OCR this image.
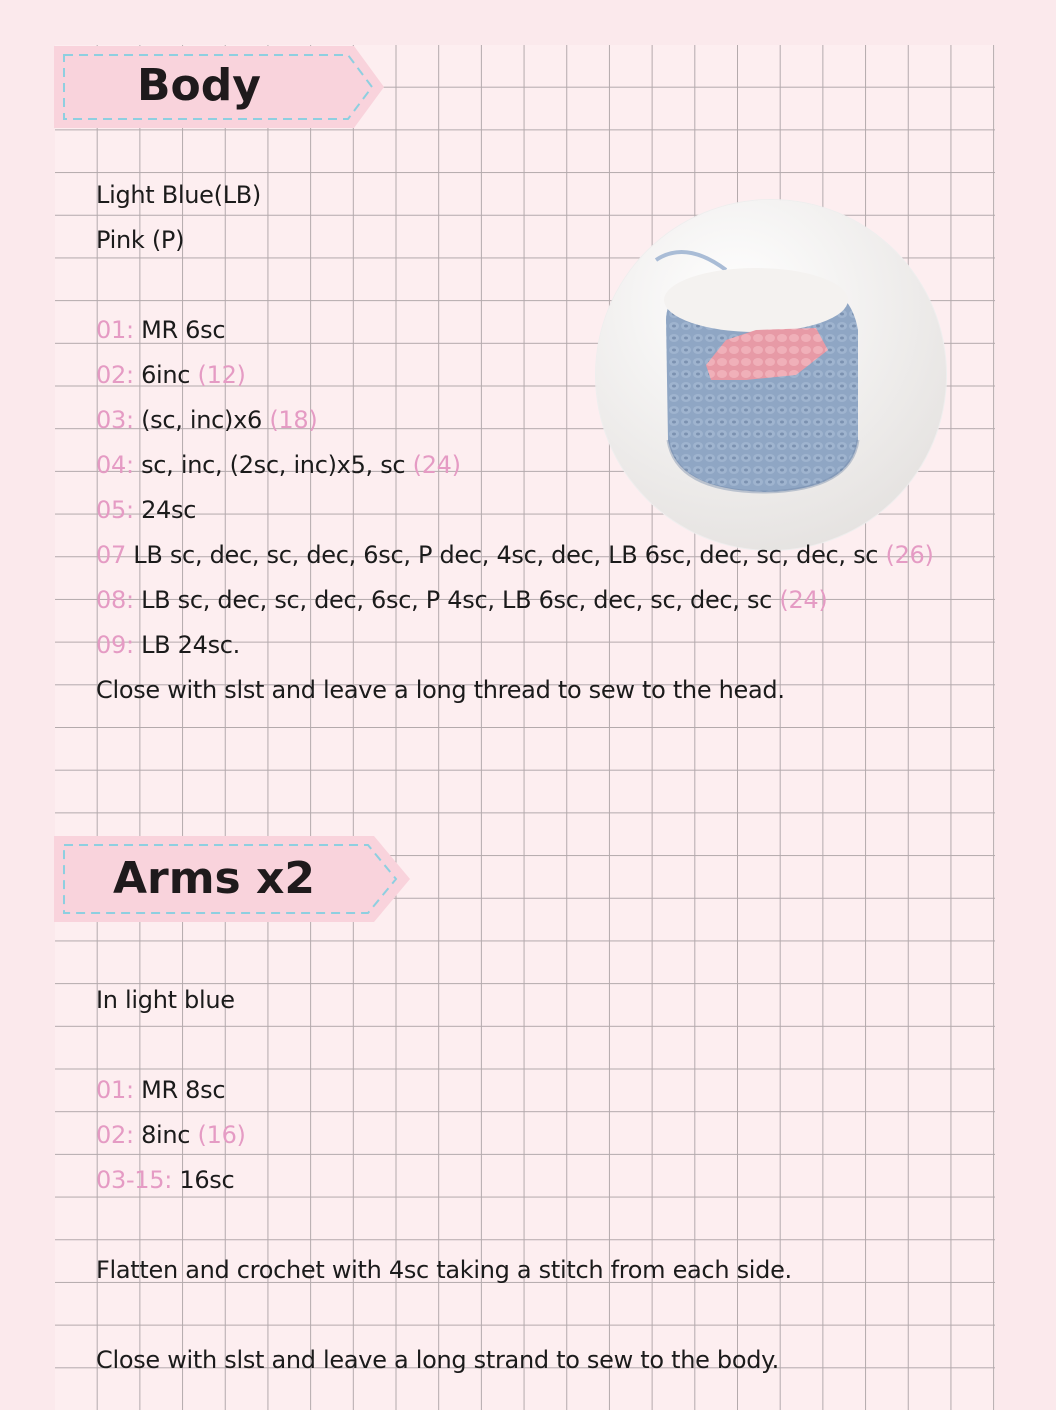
Body
Light Blue(LB)
Pink (P)
01: MR 6sc
02: 6inc (12)
03: (sc, inc)x6 (18)
04: sc, inc, (2sc, inc)x5, sc (24)
05: 24sc
07 LB sc, dec, sc, dec, 6sc, P dec, 4sc, dec, LB 6sc, dec, sc, dec, sc (26)
08: LB sc, dec, sc, dec, 6sc, P 4sc, LB 6sc, dec, sc, dec, sc (24)
09: LB 24sc.
Close with slst and leave a long thread to sew to the head.
Arms x2
In light blue
01: MR 8sc
02: 8inc (16)
03-15: 16sc
Flatten and crochet with 4sc taking a stitch from each side.
Close with slst and leave a long strand to sew to the body.
